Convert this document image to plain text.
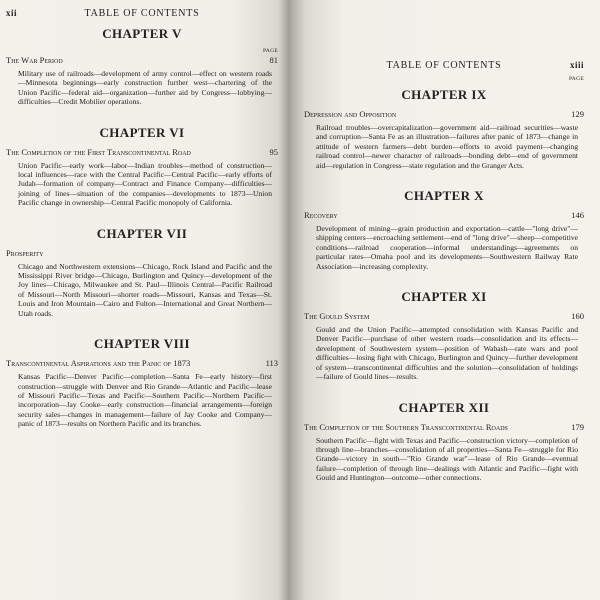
xii	TABLE OF CONTENTS
CHAPTER V
PAGE
The War Period	81
Military use of railroads—development of army control—effect on western roads—Minnesota beginnings—early construction further west—chartering of the Union Pacific—federal aid—organization—further aid by Congress—lobbying—difficulties—Credit Mobilier operations.
CHAPTER VI
The Completion of the First Transcontinental Road	95
Union Pacific—early work—labor—Indian troubles—method of construction—local influences—race with the Central Pacific—Central Pacific—early efforts of Judah—formation of company—Contract and Finance Company—difficulties—joining of lines—situation of the companies—developments to 1873—Union Pacific change in ownership—Central Pacific monopoly of California.
CHAPTER VII
Prosperity
Chicago and Northwestern extensions—Chicago, Rock Island and Pacific and the Mississippi River bridge—Chicago, Burlington and Quincy—development of the Joy lines—Chicago, Milwaukee and St. Paul—Illinois Central—Pacific Railroad of Missouri—North Missouri—shorter roads—Missouri, Kansas and Texas—St. Louis and Iron Mountain—Cairo and Fulton—International and Great Northern—Utah roads.
CHAPTER VIII
Transcontinental Aspirations and the Panic of 1873	113
Kansas Pacific—Denver Pacific—completion—Santa Fe—early history—first construction—struggle with Denver and Rio Grande—Atlantic and Pacific—lease of Missouri Pacific—Texas and Pacific—Southern Pacific—Northern Pacific—incorporation—Jay Cooke—early construction—financial arrangements—foreign security sales—changes in management—failure of Jay Cooke and Company—panic of 1873—results on Northern Pacific and its branches.
TABLE OF CONTENTS	xiii
PAGE
CHAPTER IX
Depression and Opposition	129
Railroad troubles—overcapitalization—government aid—railroad securities—waste and corruption—Santa Fe as an illustration—failures after panic of 1873—change in attitude of western farmers—debt burden—efforts to avoid payment—changing railroad control—newer character of railroads—bonding debt—end of government aid—regulation in Congress—state regulation and the Granger Acts.
CHAPTER X
Recovery	146
Development of mining—grain production and exportation—cattle—"long drive"—shipping centers—encroaching settlement—end of "long drive"—sheep—competitive conditions—railroad cooperation—informal understandings—agreements on particular rates—Omaha pool and its developments—Southwestern Railway Rate Association—increasing complexity.
CHAPTER XI
The Gould System	160
Gould and the Union Pacific—attempted consolidation with Kansas Pacific and Denver Pacific—purchase of other western roads—consolidation and its effects—development of Southwestern system—position of Wabash—rate wars and pool difficulties—losing fight with Chicago, Burlington and Quincy—further development of system—transcontinental difficulties and the solution—consolidation of holdings—failure of Gould lines—results.
CHAPTER XII
The Completion of the Southern Transcontinental Roads	179
Southern Pacific—fight with Texas and Pacific—construction victory—completion of through line—branches—consolidation of all properties—Santa Fe—struggle for Rio Grande—victory in south—"Rio Grande war"—lease of Rio Grande—eventual failure—completion of through line—dealings with Atlantic and Pacific—fight with Gould and Huntington—outcome—other connections.
